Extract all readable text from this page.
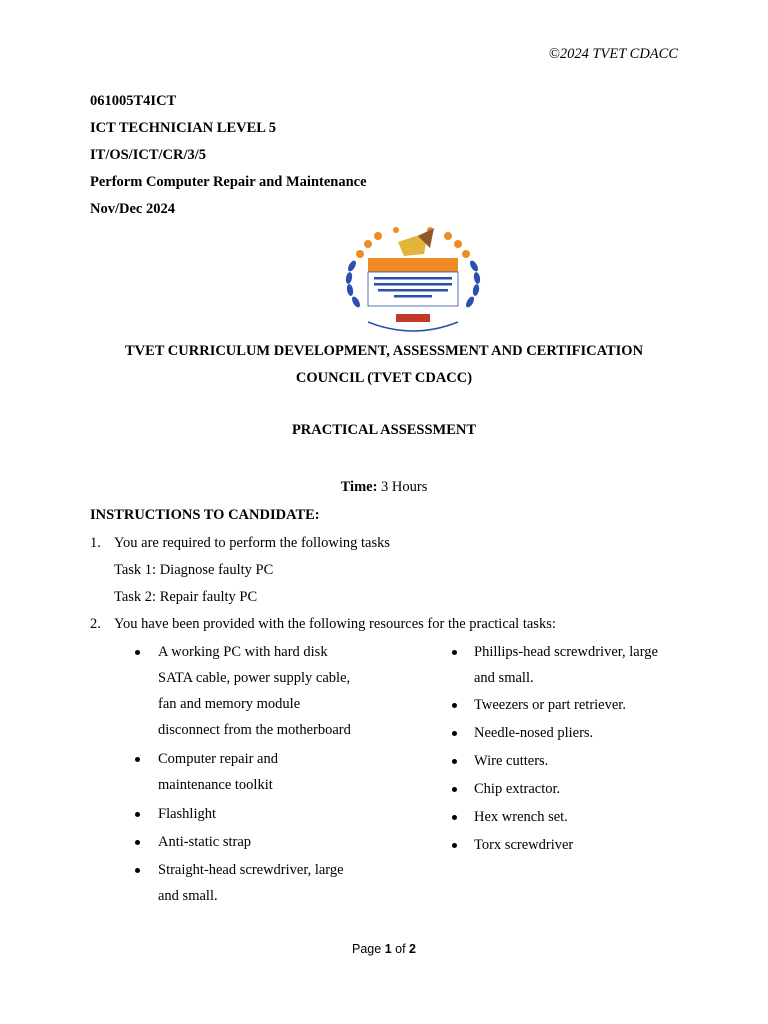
©2024 TVET CDACC
061005T4ICT
ICT TECHNICIAN LEVEL 5
IT/OS/ICT/CR/3/5
Perform Computer Repair and Maintenance
Nov/Dec 2024
TVET CURRICULUM DEVELOPMENT, ASSESSMENT AND CERTIFICATION
COUNCIL (TVET CDACC)
PRACTICAL ASSESSMENT
Time: 3 Hours
INSTRUCTIONS TO CANDIDATE:
1. You are required to perform the following tasks
Task 1: Diagnose faulty PC
Task 2: Repair faulty PC
2. You have been provided with the following resources for the practical tasks:
A working PC with hard disk
SATA cable, power supply cable,
fan and memory module
disconnect from the motherboard
Computer repair and
maintenance toolkit
Flashlight
Anti-static strap
Straight-head screwdriver, large
and small.
Phillips-head screwdriver, large
and small.
Tweezers or part retriever.
Needle-nosed pliers.
Wire cutters.
Chip extractor.
Hex wrench set.
Torx screwdriver
Page 1 of 2
